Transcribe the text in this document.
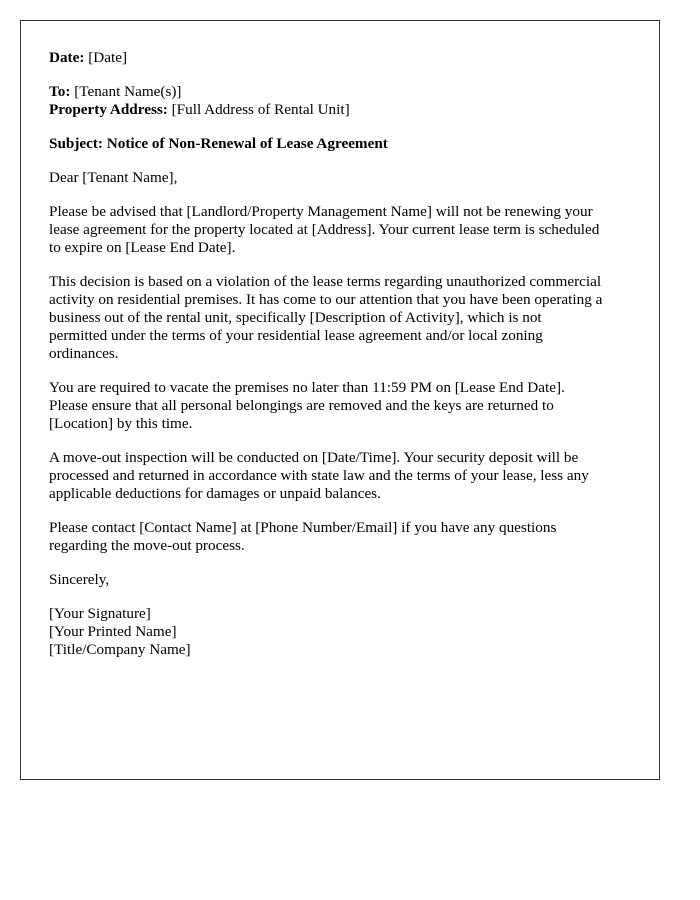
Date: [Date]

To: [Tenant Name(s)]
Property Address: [Full Address of Rental Unit]

Subject: Notice of Non-Renewal of Lease Agreement

Dear [Tenant Name],

Please be advised that [Landlord/Property Management Name] will not be renewing your
lease agreement for the property located at [Address]. Your current lease term is scheduled
to expire on [Lease End Date].

This decision is based on a violation of the lease terms regarding unauthorized commercial
activity on residential premises. It has come to our attention that you have been operating a
business out of the rental unit, specifically [Description of Activity], which is not
permitted under the terms of your residential lease agreement and/or local zoning
ordinances.

You are required to vacate the premises no later than 11:59 PM on [Lease End Date].
Please ensure that all personal belongings are removed and the keys are returned to
[Location] by this time.

A move-out inspection will be conducted on [Date/Time]. Your security deposit will be
processed and returned in accordance with state law and the terms of your lease, less any
applicable deductions for damages or unpaid balances.

Please contact [Contact Name] at [Phone Number/Email] if you have any questions
regarding the move-out process.

Sincerely,

[Your Signature]
[Your Printed Name]
[Title/Company Name]
